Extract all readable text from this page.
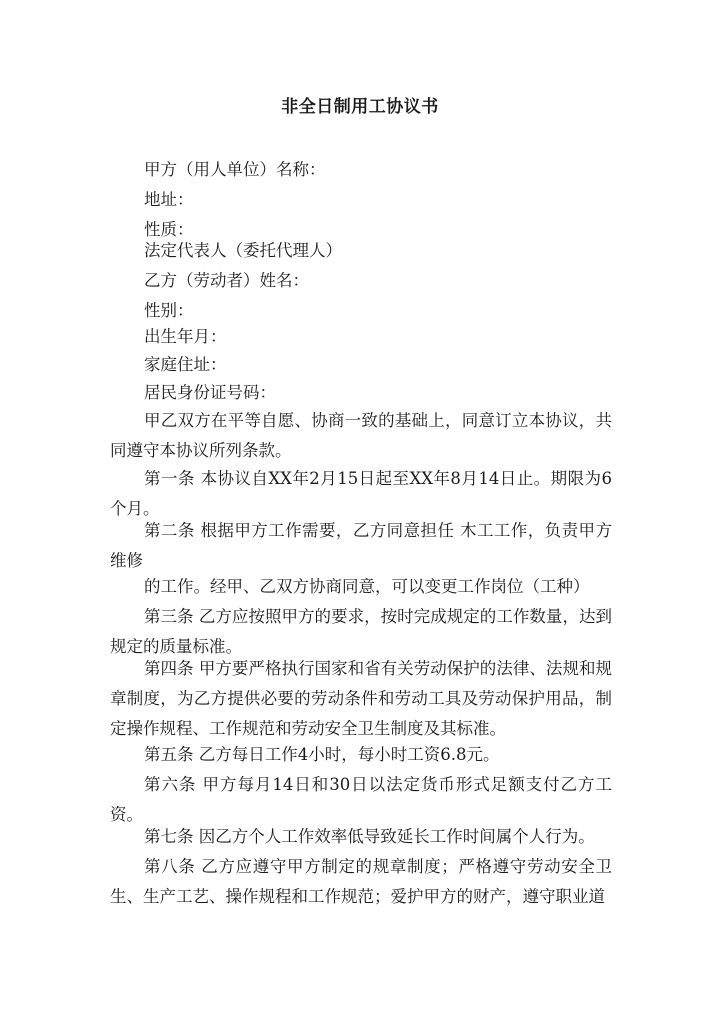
非全日制用工协议书

甲方（用人单位）名称：

地址：

性质：

法定代表人（委托代理人）

乙方（劳动者）姓名：

性别：

出生年月：

家庭住址：

居民身份证号码：

甲乙双方在平等自愿、协商一致的基础上，同意订立本协议，共同遵守本协议所列条款。

第一条 本协议自XX年2月15日起至XX年8月14日止。期限为6个月。

第二条 根据甲方工作需要，乙方同意担任 木工工作，负责甲方维修

的工作。经甲、乙双方协商同意，可以变更工作岗位（工种）

第三条 乙方应按照甲方的要求，按时完成规定的工作数量，达到规定的质量标准。

第四条 甲方要严格执行国家和省有关劳动保护的法律、法规和规章制度，为乙方提供必要的劳动条件和劳动工具及劳动保护用品，制定操作规程、工作规范和劳动安全卫生制度及其标准。

第五条 乙方每日工作4小时，每小时工资6.8元。

第六条 甲方每月14日和30日以法定货币形式足额支付乙方工资。

第七条 因乙方个人工作效率低导致延长工作时间属个人行为。

第八条 乙方应遵守甲方制定的规章制度；严格遵守劳动安全卫生、生产工艺、操作规程和工作规范；爱护甲方的财产，遵守职业道
